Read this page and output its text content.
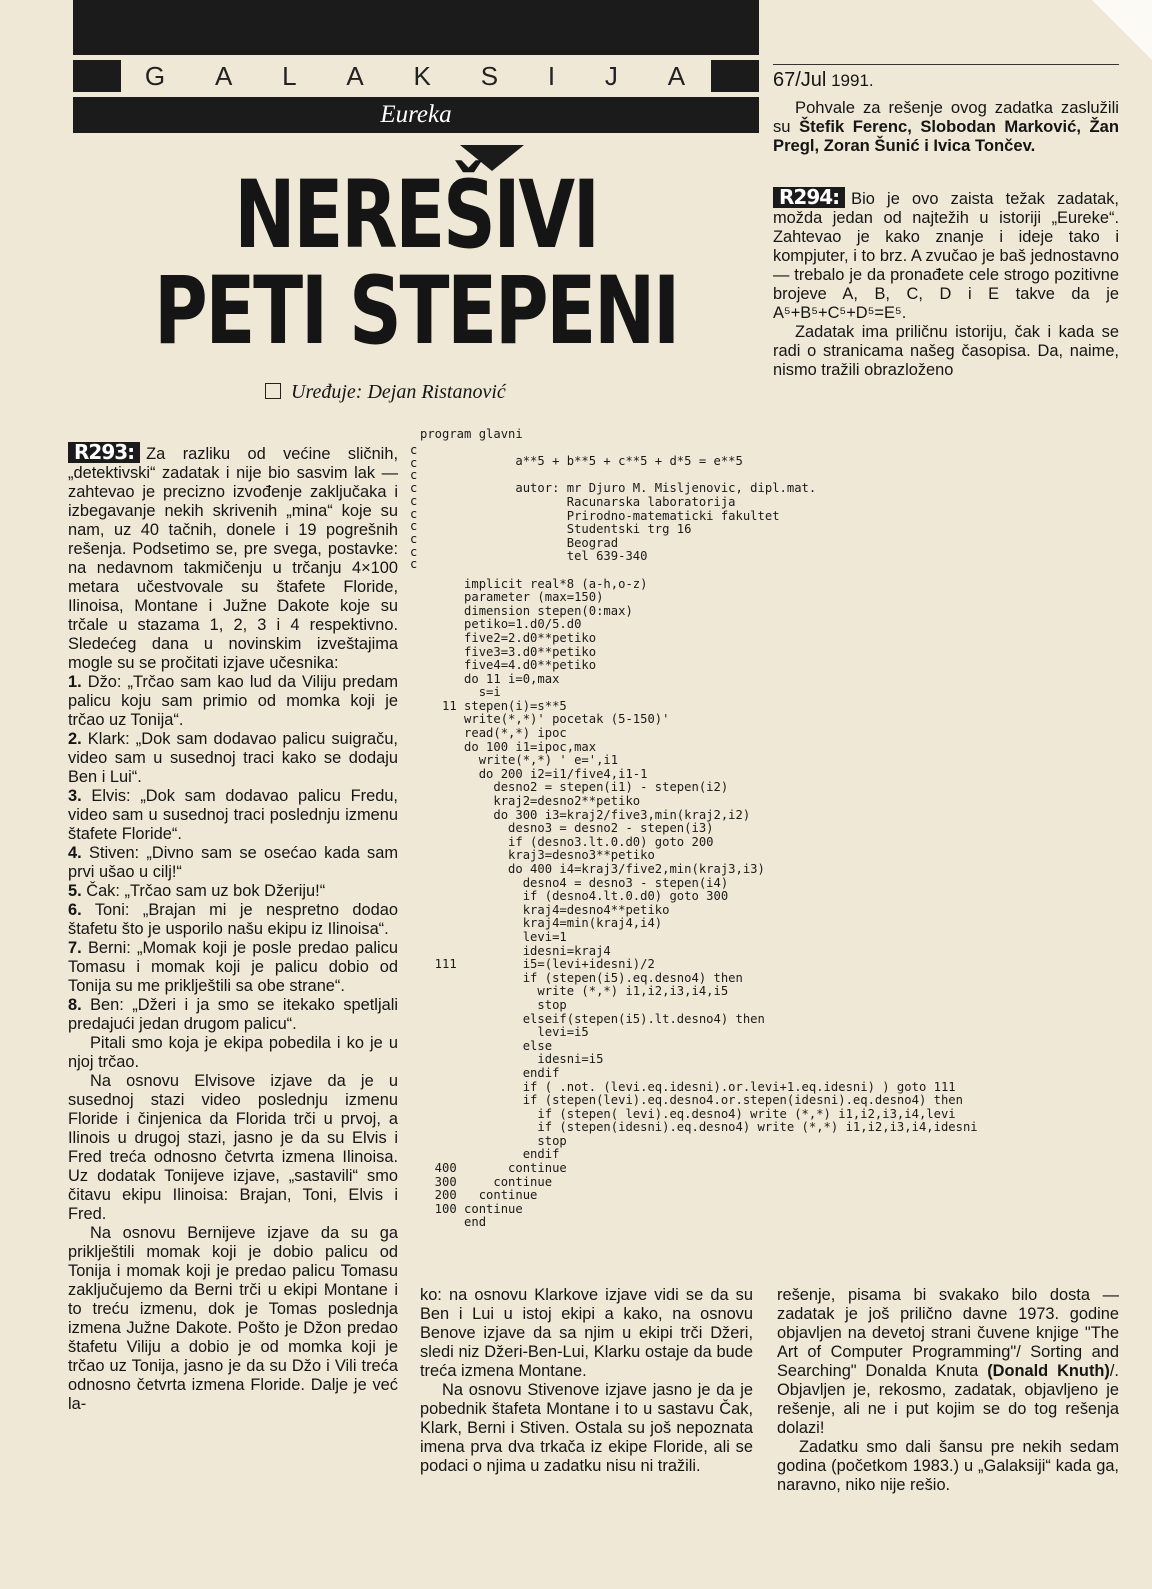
G A L A K S I J A
Eureka
NEREŠIVI
PETI STEPENI
Uređuje: Dejan Ristanović
67/Jul 1991.

Pohvale za rešenje ovog zadatka zaslužili su Štefik Ferenc, Slobodan Marković, Žan Pregl, Zoran Šunić i Ivica Tončev.

R294: Bio je ovo zaista težak zadatak, možda jedan od najtežih u istoriji „Eureke“. Zahtevao je kako znanje i ideje tako i kompjuter, i to brz. A zvučao je baš jednostavno — trebalo je da pronađete cele strogo pozitivne brojeve A, B, C, D i E takve da je A⁵+B⁵+C⁵+D⁵=E⁵.

Zadatak ima priličnu istoriju, čak i kada se radi o stranicama našeg časopisa. Da, naime, nismo tražili obrazloženo

R293: Za razliku od većine sličnih, „detektivski“ zadatak i nije bio sasvim lak — zahtevao je precizno izvođenje zaključaka i izbegavanje nekih skrivenih „mina“ koje su nam, uz 40 tačnih, donele i 19 pogrešnih rešenja. Podsetimo se, pre svega, postavke: na nedavnom takmičenju u trčanju 4×100 metara učestvovale su štafete Floride, Ilinoisa, Montane i Južne Dakote koje su trčale u stazama 1, 2, 3 i 4 respektivno. Sledećeg dana u novinskim izveštajima mogle su se pročitati izjave učesnika:

1. Džo: „Trčao sam kao lud da Viliju predam palicu koju sam primio od momka koji je trčao uz Tonija“.

2. Klark: „Dok sam dodavao palicu suigraču, video sam u susednoj traci kako se dodaju Ben i Lui“.

3. Elvis: „Dok sam dodavao palicu Fredu, video sam u susednoj traci poslednju izmenu štafete Floride“.

4. Stiven: „Divno sam se osećao kada sam prvi ušao u cilj!“

5. Čak: „Trčao sam uz bok Džeriju!“

6. Toni: „Brajan mi je nespretno dodao štafetu što je usporilo našu ekipu iz Ilinoisa“.

7. Berni: „Momak koji je posle predao palicu Tomasu i momak koji je palicu dobio od Tonija su me priklještili sa obe strane“.

8. Ben: „Džeri i ja smo se itekako spetljali predajući jedan drugom palicu“.

Pitali smo koja je ekipa pobedila i ko je u njoj trčao.

Na osnovu Elvisove izjave da je u susednoj stazi video poslednju izmenu Floride i činjenica da Florida trči u prvoj, a Ilinois u drugoj stazi, jasno je da su Elvis i Fred treća odnosno četvrta izmena Ilinoisa. Uz dodatak Tonijeve izjave, „sastavili“ smo čitavu ekipu Ilinoisa: Brajan, Toni, Elvis i Fred.

Na osnovu Bernijeve izjave da su ga priklještili momak koji je dobio palicu od Tonija i momak koji je predao palicu Tomasu zaključujemo da Berni trči u ekipi Montane i to treću izmenu, dok je Tomas poslednja izmena Južne Dakote. Pošto je Džon predao štafetu Viliju a dobio je od momka koji je trčao uz Tonija, jasno je da su Džo i Vili treća odnosno četvrta izmena Floride. Dalje je već la-

c
c
c
c
c
c
c
c
c
c
program glavni

a**5 + b**5 + c**5 + d*5 = e**5

autor: mr Djuro M. Misljenovic, dipl.mat.
Racunarska laboratorija
Prirodno-matematicki fakultet
Studentski trg 16
Beograd
tel 639-340

implicit real*8 (a-h,o-z)
parameter (max=150)
dimension stepen(0:max)
petiko=1.d0/5.d0
five2=2.d0**petiko
five3=3.d0**petiko
five4=4.d0**petiko
do 11 i=0,max
s=i
11 stepen(i)=s**5
write(*,*)' pocetak (5-150)'
read(*,*) ipoc
do 100 i1=ipoc,max
write(*,*) ' e=',i1
do 200 i2=i1/five4,i1-1
desno2 = stepen(i1) - stepen(i2)
kraj2=desno2**petiko
do 300 i3=kraj2/five3,min(kraj2,i2)
desno3 = desno2 - stepen(i3)
if (desno3.lt.0.d0) goto 200
kraj3=desno3**petiko
do 400 i4=kraj3/five2,min(kraj3,i3)
desno4 = desno3 - stepen(i4)
if (desno4.lt.0.d0) goto 300
kraj4=desno4**petiko
kraj4=min(kraj4,i4)
levi=1
idesni=kraj4
111         i5=(levi+idesni)/2
if (stepen(i5).eq.desno4) then
write (*,*) i1,i2,i3,i4,i5
stop
elseif(stepen(i5).lt.desno4) then
levi=i5
else
idesni=i5
endif
if ( .not. (levi.eq.idesni).or.levi+1.eq.idesni) ) goto 111
if (stepen(levi).eq.desno4.or.stepen(idesni).eq.desno4) then
if (stepen( levi).eq.desno4) write (*,*) i1,i2,i3,i4,levi
if (stepen(idesni).eq.desno4) write (*,*) i1,i2,i3,i4,idesni
stop
endif
400       continue
300     continue
200   continue
100 continue
end

ko: na osnovu Klarkove izjave vidi se da su Ben i Lui u istoj ekipi a kako, na osnovu Benove izjave da sa njim u ekipi trči Džeri, sledi niz Džeri-Ben-Lui, Klarku ostaje da bude treća izmena Montane.

Na osnovu Stivenove izjave jasno je da je pobednik štafeta Montane i to u sastavu Čak, Klark, Berni i Stiven. Ostala su još nepoznata imena prva dva trkača iz ekipe Floride, ali se podaci o njima u zadatku nisu ni tražili.

rešenje, pisama bi svakako bilo dosta — zadatak je još prilično davne 1973. godine objavljen na devetoj strani čuvene knjige "The Art of Computer Programming"/ Sorting and Searching" Donalda Knuta (Donald Knuth)/. Objavljen je, rekosmo, zadatak, objavljeno je rešenje, ali ne i put kojim se do tog rešenja dolazi!

Zadatku smo dali šansu pre nekih sedam godina (početkom 1983.) u „Galaksiji“ kada ga, naravno, niko nije rešio.
